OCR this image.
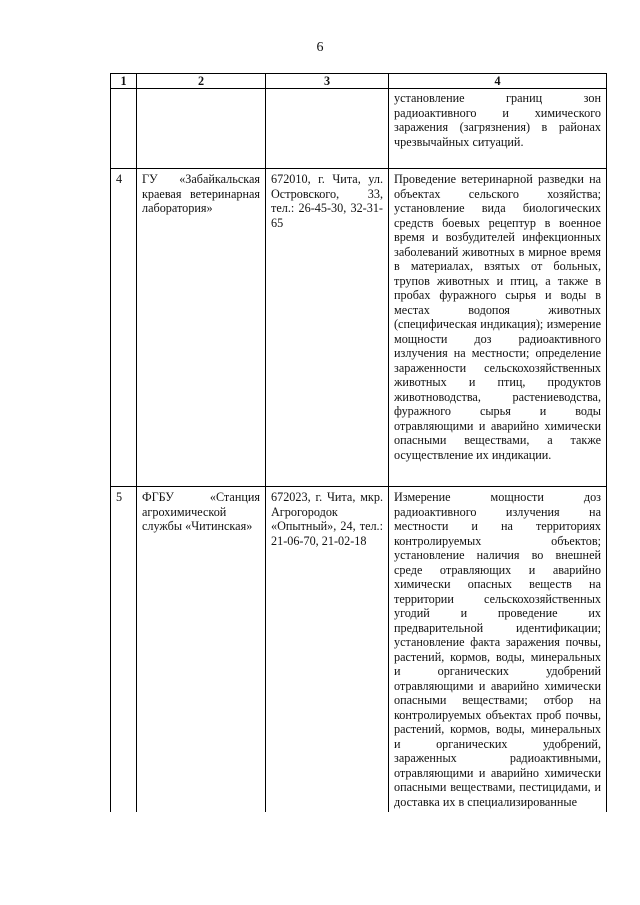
6
1	2	3	4
			установление границ зон радиоактивного и химического заражения (загрязнения) в районах чрезвычайных ситуаций.
4	ГУ «Забайкальская краевая ветеринарная лаборатория»	672010, г. Чита, ул. Островского, 33, тел.: 26-45-30, 32-31-65	Проведение ветеринарной разведки на объектах сельского хозяйства; установление вида биологических средств боевых рецептур в военное время и возбудителей инфекционных заболеваний животных в мирное время в материалах, взятых от больных, трупов животных и птиц, а также в пробах фуражного сырья и воды в местах водопоя животных (специфическая индикация); измерение мощности доз радиоактивного излучения на местности; определение зараженности сельскохозяйственных животных и птиц, продуктов животноводства, растениеводства, фуражного сырья и воды отравляющими и аварийно химически опасными веществами, а также осуществление их индикации.
5	ФГБУ «Станция агрохимической службы «Читинская»	672023, г. Чита, мкр. Агрогородок «Опытный», 24, тел.: 21-06-70, 21-02-18	Измерение мощности доз радиоактивного излучения на местности и на территориях контролируемых объектов; установление наличия во внешней среде отравляющих и аварийно химически опасных веществ на территории сельскохозяйственных угодий и проведение их предварительной идентификации; установление факта заражения почвы, растений, кормов, воды, минеральных и органических удобрений отравляющими и аварийно химически опасными веществами; отбор на контролируемых объектах проб почвы, растений, кормов, воды, минеральных и органических удобрений, зараженных радиоактивными, отравляющими и аварийно химически опасными веществами, пестицидами, и доставка их в специализированные
